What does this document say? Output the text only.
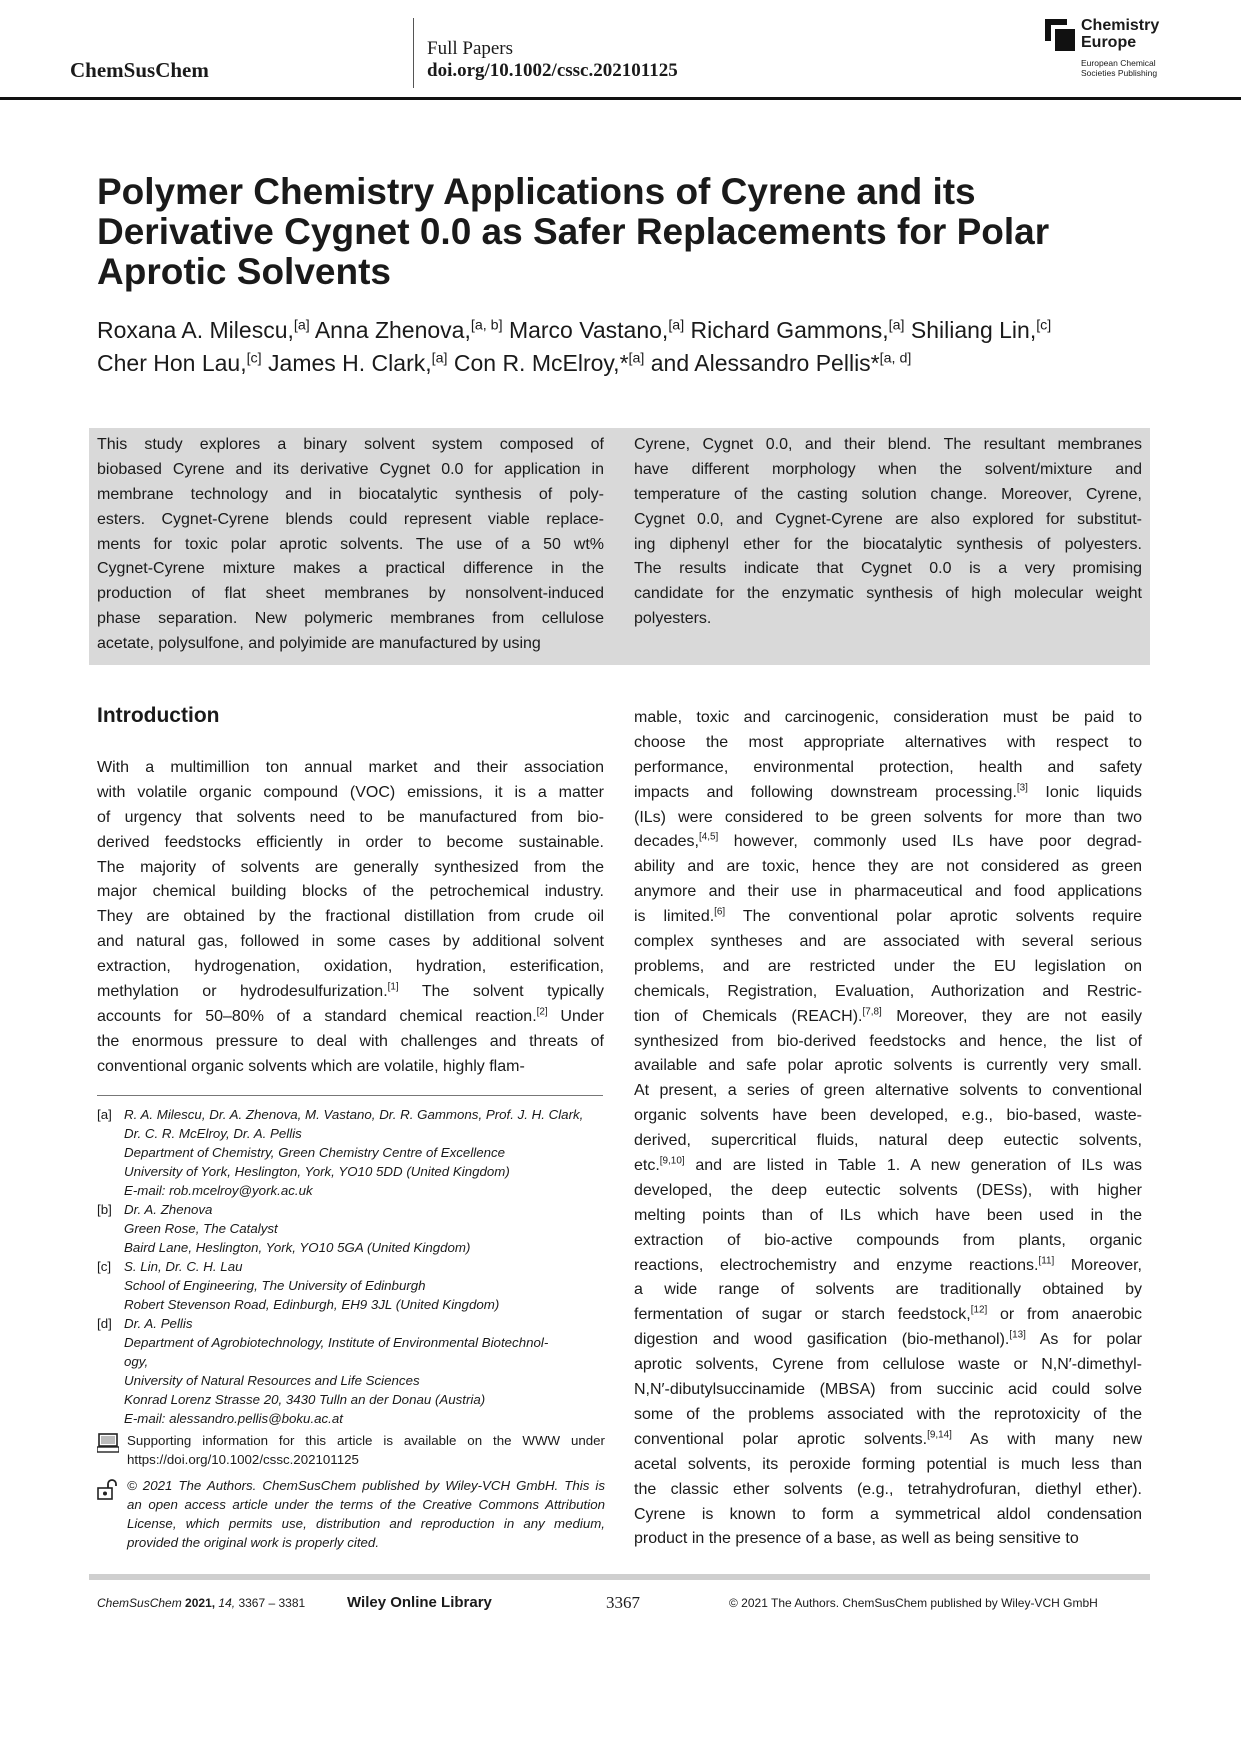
ChemSusChem
Full Papers
doi.org/10.1002/cssc.202101125
Chemistry
Europe
European Chemical
Societies Publishing
Polymer Chemistry Applications of Cyrene and its
Derivative Cygnet 0.0 as Safer Replacements for Polar
Aprotic Solvents
Roxana A. Milescu,[a] Anna Zhenova,[a, b] Marco Vastano,[a] Richard Gammons,[a] Shiliang Lin,[c]
Cher Hon Lau,[c] James H. Clark,[a] Con R. McElroy,*[a] and Alessandro Pellis*[a, d]
This study explores a binary solvent system composed of
biobased Cyrene and its derivative Cygnet 0.0 for application in
membrane technology and in biocatalytic synthesis of poly-
esters. Cygnet-Cyrene blends could represent viable replace-
ments for toxic polar aprotic solvents. The use of a 50 wt%
Cygnet-Cyrene mixture makes a practical difference in the
production of flat sheet membranes by nonsolvent-induced
phase separation. New polymeric membranes from cellulose
acetate, polysulfone, and polyimide are manufactured by using
Cyrene, Cygnet 0.0, and their blend. The resultant membranes
have different morphology when the solvent/mixture and
temperature of the casting solution change. Moreover, Cyrene,
Cygnet 0.0, and Cygnet-Cyrene are also explored for substitut-
ing diphenyl ether for the biocatalytic synthesis of polyesters.
The results indicate that Cygnet 0.0 is a very promising
candidate for the enzymatic synthesis of high molecular weight
polyesters.
Introduction
With a multimillion ton annual market and their association
with volatile organic compound (VOC) emissions, it is a matter
of urgency that solvents need to be manufactured from bio-
derived feedstocks efficiently in order to become sustainable.
The majority of solvents are generally synthesized from the
major chemical building blocks of the petrochemical industry.
They are obtained by the fractional distillation from crude oil
and natural gas, followed in some cases by additional solvent
extraction, hydrogenation, oxidation, hydration, esterification,
methylation or hydrodesulfurization.[1] The solvent typically
accounts for 50–80% of a standard chemical reaction.[2] Under
the enormous pressure to deal with challenges and threats of
conventional organic solvents which are volatile, highly flam-
mable, toxic and carcinogenic, consideration must be paid to
choose the most appropriate alternatives with respect to
performance, environmental protection, health and safety
impacts and following downstream processing.[3] Ionic liquids
(ILs) were considered to be green solvents for more than two
decades,[4,5] however, commonly used ILs have poor degrad-
ability and are toxic, hence they are not considered as green
anymore and their use in pharmaceutical and food applications
is limited.[6] The conventional polar aprotic solvents require
complex syntheses and are associated with several serious
problems, and are restricted under the EU legislation on
chemicals, Registration, Evaluation, Authorization and Restric-
tion of Chemicals (REACH).[7,8] Moreover, they are not easily
synthesized from bio-derived feedstocks and hence, the list of
available and safe polar aprotic solvents is currently very small.
At present, a series of green alternative solvents to conventional
organic solvents have been developed, e.g., bio-based, waste-
derived, supercritical fluids, natural deep eutectic solvents,
etc.[9,10] and are listed in Table 1. A new generation of ILs was
developed, the deep eutectic solvents (DESs), with higher
melting points than of ILs which have been used in the
extraction of bio-active compounds from plants, organic
reactions, electrochemistry and enzyme reactions.[11] Moreover,
a wide range of solvents are traditionally obtained by
fermentation of sugar or starch feedstock,[12] or from anaerobic
digestion and wood gasification (bio-methanol).[13] As for polar
aprotic solvents, Cyrene from cellulose waste or N,N′-dimethyl-
N,N′-dibutylsuccinamide (MBSA) from succinic acid could solve
some of the problems associated with the reprotoxicity of the
conventional polar aprotic solvents.[9,14] As with many new
acetal solvents, its peroxide forming potential is much less than
the classic ether solvents (e.g., tetrahydrofuran, diethyl ether).
Cyrene is known to form a symmetrical aldol condensation
product in the presence of a base, as well as being sensitive to
[a] R. A. Milescu, Dr. A. Zhenova, M. Vastano, Dr. R. Gammons, Prof. J. H. Clark,
Dr. C. R. McElroy, Dr. A. Pellis
Department of Chemistry, Green Chemistry Centre of Excellence
University of York, Heslington, York, YO10 5DD (United Kingdom)
E-mail: rob.mcelroy@york.ac.uk
[b] Dr. A. Zhenova
Green Rose, The Catalyst
Baird Lane, Heslington, York, YO10 5GA (United Kingdom)
[c] S. Lin, Dr. C. H. Lau
School of Engineering, The University of Edinburgh
Robert Stevenson Road, Edinburgh, EH9 3JL (United Kingdom)
[d] Dr. A. Pellis
Department of Agrobiotechnology, Institute of Environmental Biotechnol-
ogy,
University of Natural Resources and Life Sciences
Konrad Lorenz Strasse 20, 3430 Tulln an der Donau (Austria)
E-mail: alessandro.pellis@boku.ac.at
Supporting information for this article is available on the WWW under
https://doi.org/10.1002/cssc.202101125
© 2021 The Authors. ChemSusChem published by Wiley-VCH GmbH. This is
an open access article under the terms of the Creative Commons Attribution
License, which permits use, distribution and reproduction in any medium,
provided the original work is properly cited.
ChemSusChem 2021, 14, 3367 – 3381	Wiley Online Library	3367	© 2021 The Authors. ChemSusChem published by Wiley-VCH GmbH
